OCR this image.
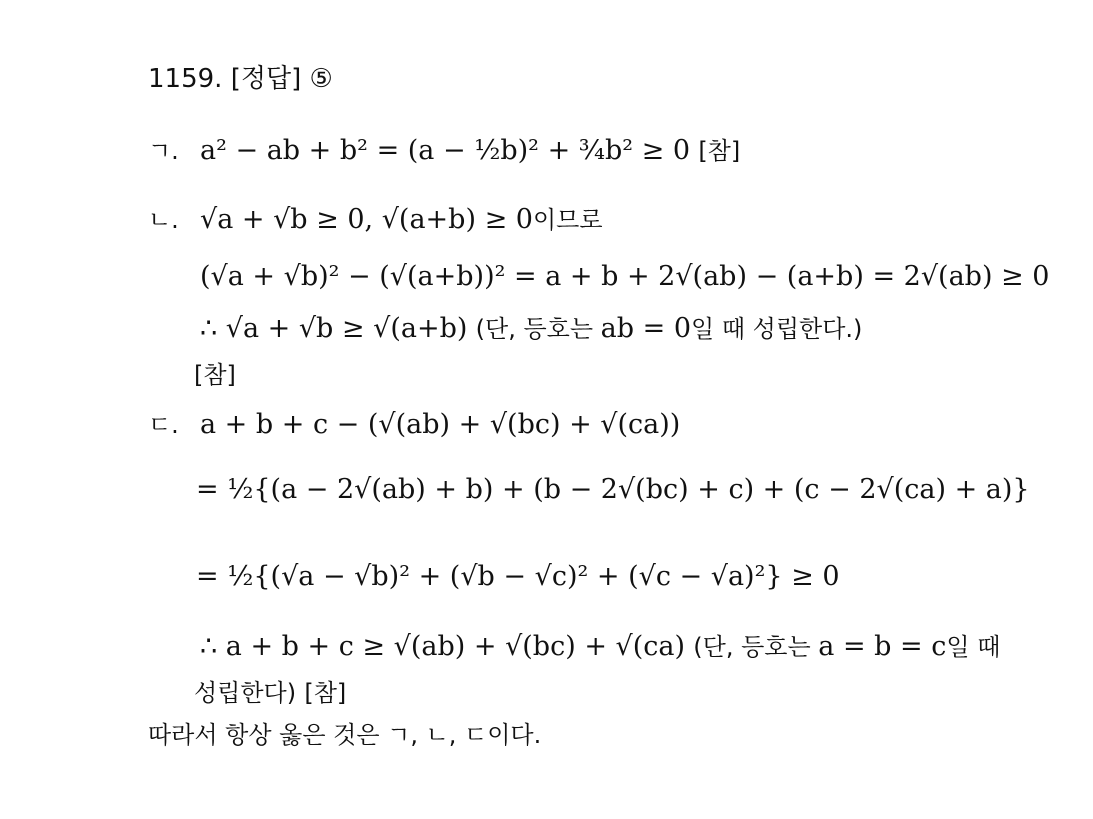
1159. [정답] ⑤
ㄱ. a² − ab + b² = (a − ½b)² + ¾b² ≥ 0 [참]
ㄴ. √a + √b ≥ 0, √(a+b) ≥ 0이므로
(√a + √b)² − (√(a+b))² = a + b + 2√(ab) − (a+b) = 2√(ab) ≥ 0
∴ √a + √b ≥ √(a+b) (단, 등호는 ab = 0일 때 성립한다.)
[참]
ㄷ. a + b + c − (√(ab) + √(bc) + √(ca))
= ½{(a − 2√(ab) + b) + (b − 2√(bc) + c) + (c − 2√(ca) + a)}
= ½{(√a − √b)² + (√b − √c)² + (√c − √a)²} ≥ 0
∴ a + b + c ≥ √(ab) + √(bc) + √(ca) (단, 등호는 a = b = c일 때
성립한다) [참]
따라서 항상 옳은 것은 ㄱ, ㄴ, ㄷ이다.
